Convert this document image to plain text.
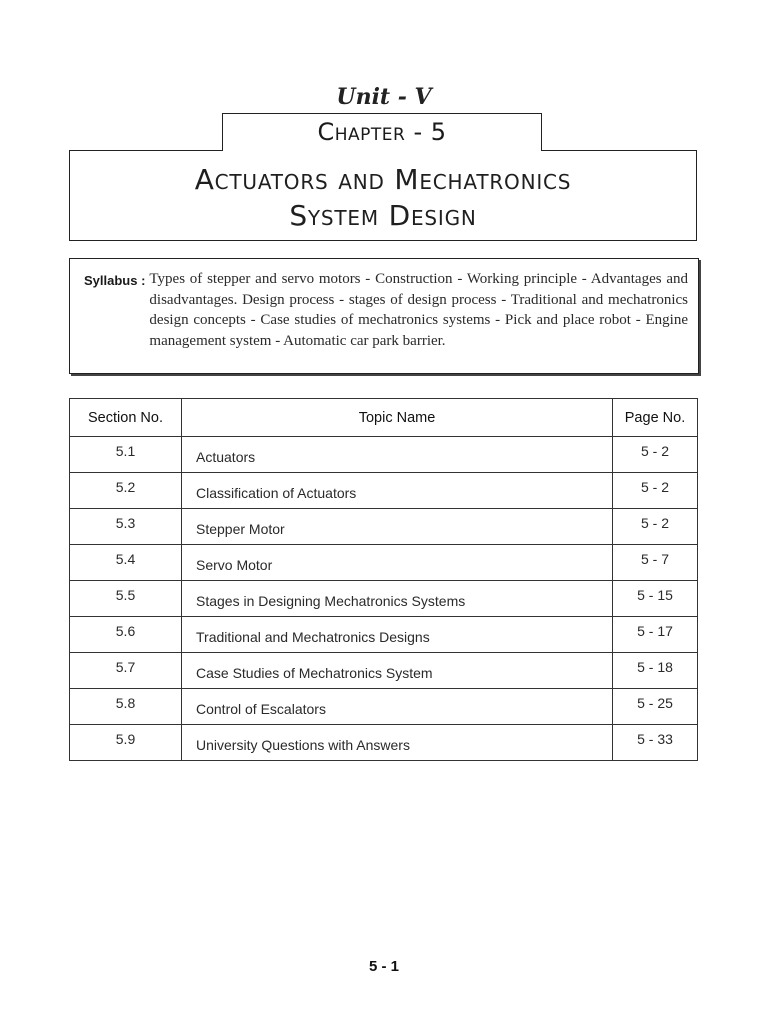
Unit - V
Chapter - 5
Actuators and Mechatronics
System Design
Syllabus : Types of stepper and servo motors - Construction - Working principle - Advantages and disadvantages. Design process - stages of design process - Traditional and mechatronics design concepts - Case studies of mechatronics systems - Pick and place robot - Engine management system - Automatic car park barrier.
Section No.	Topic Name	Page No.
5.1	Actuators	5 - 2
5.2	Classification of Actuators	5 - 2
5.3	Stepper Motor	5 - 2
5.4	Servo Motor	5 - 7
5.5	Stages in Designing Mechatronics Systems	5 - 15
5.6	Traditional and Mechatronics Designs	5 - 17
5.7	Case Studies of Mechatronics System	5 - 18
5.8	Control of Escalators	5 - 25
5.9	University Questions with Answers	5 - 33
5 - 1
